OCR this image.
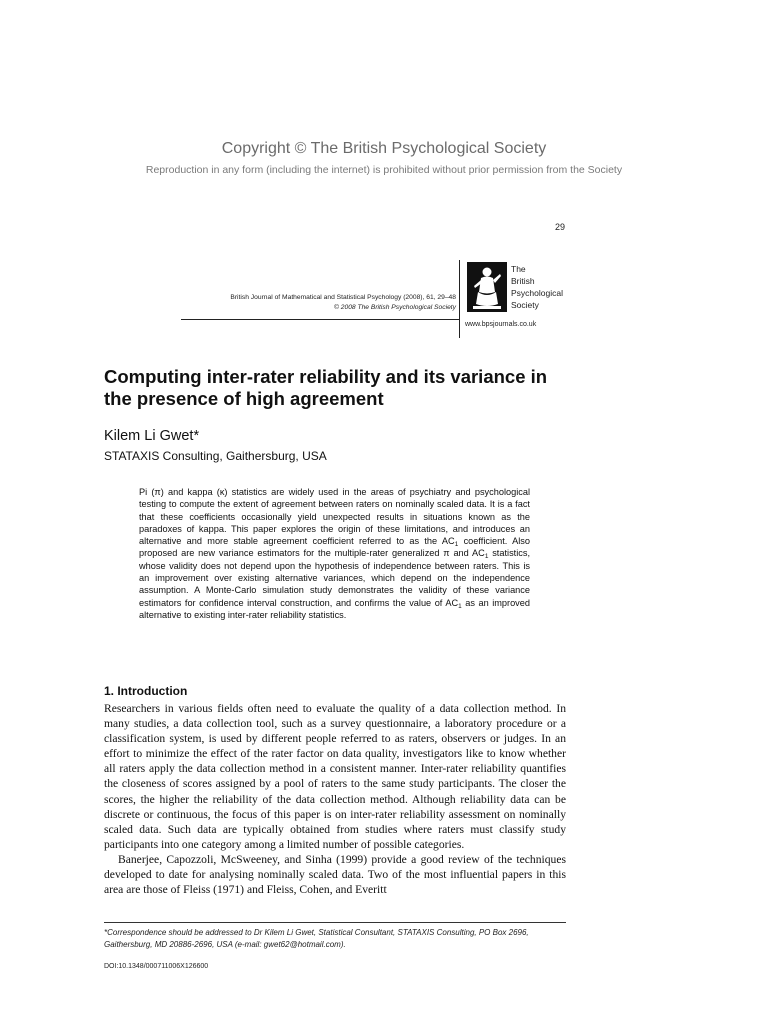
Copyright © The British Psychological Society
Reproduction in any form (including the internet) is prohibited without prior permission from the Society
29
British Journal of Mathematical and Statistical Psychology (2008), 61, 29–48
© 2008 The British Psychological Society
The
British
Psychological
Society
www.bpsjournals.co.uk
Computing inter-rater reliability and its variance in the presence of high agreement
Kilem Li Gwet*
STATAXIS Consulting, Gaithersburg, USA

Pi (π) and kappa (κ) statistics are widely used in the areas of psychiatry and psychological testing to compute the extent of agreement between raters on nominally scaled data. It is a fact that these coefficients occasionally yield unexpected results in situations known as the paradoxes of kappa. This paper explores the origin of these limitations, and introduces an alternative and more stable agreement coefficient referred to as the $AC_1$ coefficient. Also proposed are new variance estimators for the multiple-rater generalized π and $AC_1$ statistics, whose validity does not depend upon the hypothesis of independence between raters. This is an improvement over existing alternative variances, which depend on the independence assumption. A Monte-Carlo simulation study demonstrates the validity of these variance estimators for confidence interval construction, and confirms the value of $AC_1$ as an improved alternative to existing inter-rater reliability statistics.

1. Introduction

Researchers in various fields often need to evaluate the quality of a data collection method. In many studies, a data collection tool, such as a survey questionnaire, a laboratory procedure or a classification system, is used by different people referred to as raters, observers or judges. In an effort to minimize the effect of the rater factor on data quality, investigators like to know whether all raters apply the data collection method in a consistent manner. Inter-rater reliability quantifies the closeness of scores assigned by a pool of raters to the same study participants. The closer the scores, the higher the reliability of the data collection method. Although reliability data can be discrete or continuous, the focus of this paper is on inter-rater reliability assessment on nominally scaled data. Such data are typically obtained from studies where raters must classify study participants into one category among a limited number of possible categories.

Banerjee, Capozzoli, McSweeney, and Sinha (1999) provide a good review of the techniques developed to date for analysing nominally scaled data. Two of the most influential papers in this area are those of Fleiss (1971) and Fleiss, Cohen, and Everitt

*Correspondence should be addressed to Dr Kilem Li Gwet, Statistical Consultant, STATAXIS Consulting, PO Box 2696, Gaithersburg, MD 20886-2696, USA (e-mail: gwet62@hotmail.com).
DOI:10.1348/000711006X126600
